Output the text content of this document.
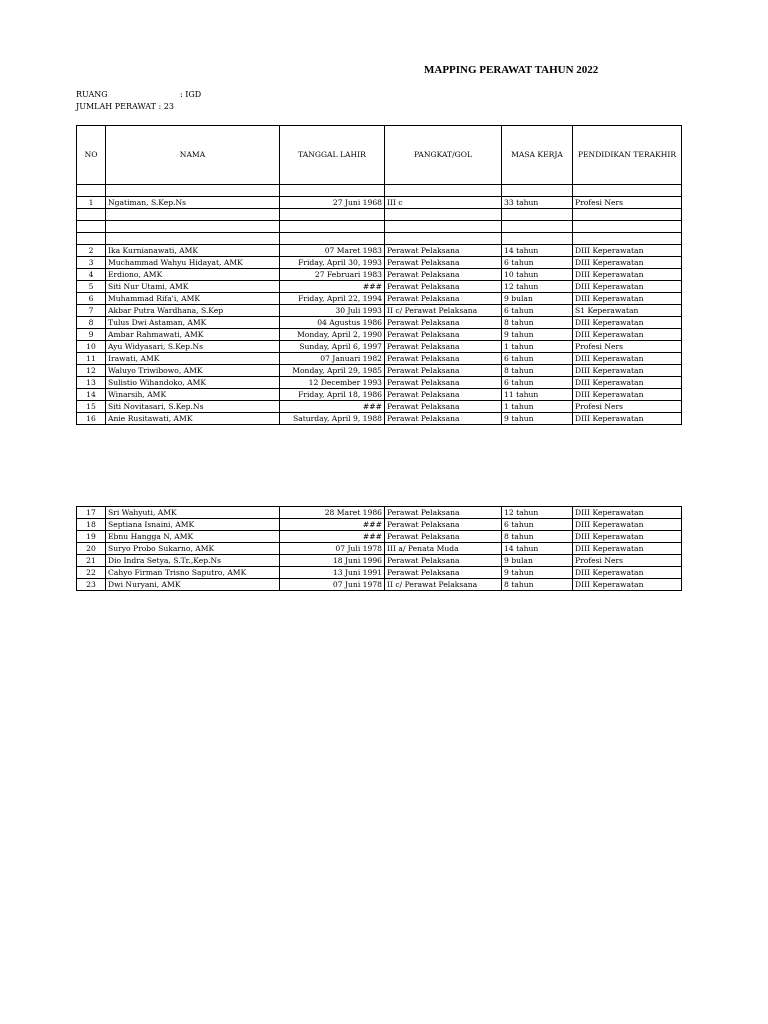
MAPPING PERAWAT TAHUN 2022
RUANG	: IGD
JUMLAH PERAWAT : 23
NO	NAMA	TANGGAL LAHIR	PANGKAT/GOL	MASA KERJA	PENDIDIKAN TERAKHIR

1	Ngatiman, S.Kep.Ns	27 Juni 1968	III c	33 tahun	Profesi Ners

2	Ika Kurnianawati, AMK	07 Maret 1983	Perawat Pelaksana	14 tahun	DIII Keperawatan
3	Muchammad Wahyu Hidayat, AMK	Friday, April 30, 1993	Perawat Pelaksana	6 tahun	DIII Keperawatan
4	Erdiono, AMK	27 Februari 1983	Perawat Pelaksana	10 tahun	DIII Keperawatan
5	Siti Nur Utami, AMK	###	Perawat Pelaksana	12 tahun	DIII Keperawatan
6	Muhammad Rifa'i, AMK	Friday, April 22, 1994	Perawat Pelaksana	9 bulan	DIII Keperawatan
7	Akbar Putra Wardhana, S.Kep	30 Juli 1993	II c/ Perawat Pelaksana	6 tahun	S1 Keperawatan
8	Tulus Dwi Astaman, AMK	04 Agustus 1986	Perawat Pelaksana	8 tahun	DIII Keperawatan
9	Ambar Rahmawati, AMK	Monday, April 2, 1990	Perawat Pelaksana	9 tahun	DIII Keperawatan
10	Ayu Widyasari, S.Kep.Ns	Sunday, April 6, 1997	Perawat Pelaksana	1 tahun	Profesi Ners
11	Irawati, AMK	07 Januari 1982	Perawat Pelaksana	6 tahun	DIII Keperawatan
12	Waluyo Triwibowo, AMK	Monday, April 29, 1985	Perawat Pelaksana	8 tahun	DIII Keperawatan
13	Sulistio Wihandoko, AMK	12 December 1993	Perawat Pelaksana	6 tahun	DIII Keperawatan
14	Winarsih, AMK	Friday, April 18, 1986	Perawat Pelaksana	11 tahun	DIII Keperawatan
15	Siti Novitasari, S.Kep.Ns	###	Perawat Pelaksana	1 tahun	Profesi Ners
16	Anie Rusitawati, AMK	Saturday, April 9, 1988	Perawat Pelaksana	9 tahun	DIII Keperawatan
17	Sri Wahyuti, AMK	28 Maret 1986	Perawat Pelaksana	12 tahun	DIII Keperawatan
18	Septiana Isnaini, AMK	###	Perawat Pelaksana	6 tahun	DIII Keperawatan
19	Ebnu Hangga N, AMK	###	Perawat Pelaksana	8 tahun	DIII Keperawatan
20	Suryo Probo Sukarno, AMK	07 Juli 1978	III a/ Penata Muda	14 tahun	DIII Keperawatan
21	Dio Indra Setya, S.Tr.,Kep.Ns	18 Juni 1996	Perawat Pelaksana	9 bulan	Profesi Ners
22	Cahyo Firman Trisno Saputro, AMK	13 Juni 1991	Perawat Pelaksana	9 tahun	DIII Keperawatan
23	Dwi Nuryani, AMK	07 Juni 1978	II c/ Perawat Pelaksana	8 tahun	DIII Keperawatan
